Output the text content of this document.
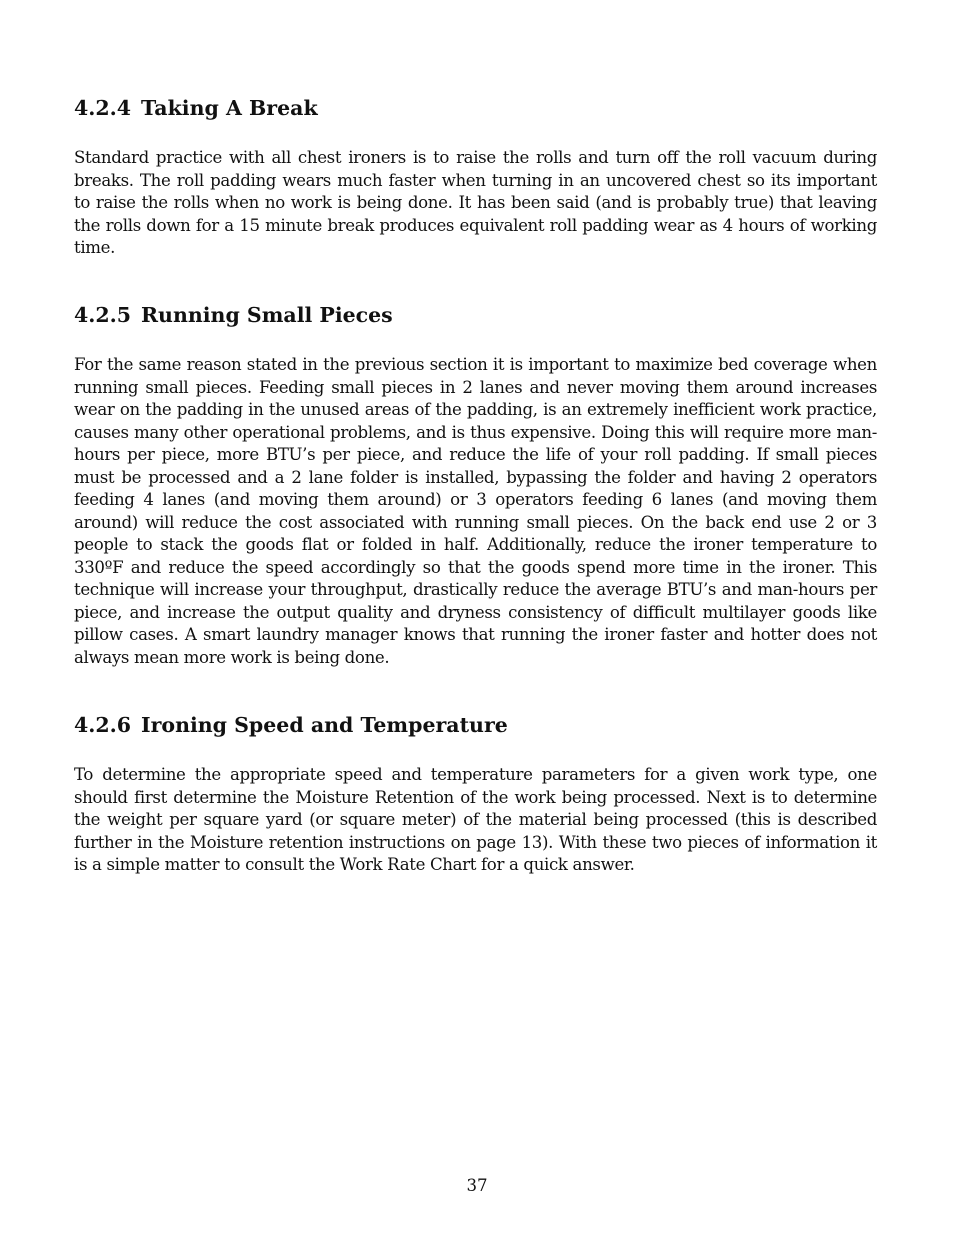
4.2.4 Taking A Break

Standard practice with all chest ironers is to raise the rolls and turn off the roll vacuum during breaks. The roll padding wears much faster when turning in an uncovered chest so its important to raise the rolls when no work is being done. It has been said (and is probably true) that leaving the rolls down for a 15 minute break produces equivalent roll padding wear as 4 hours of working time.

4.2.5 Running Small Pieces

For the same reason stated in the previous section it is important to maximize bed coverage when running small pieces. Feeding small pieces in 2 lanes and never moving them around increases wear on the padding in the unused areas of the padding, is an extremely inefficient work practice, causes many other operational problems, and is thus expensive. Doing this will require more man-hours per piece, more BTU’s per piece, and reduce the life of your roll padding. If small pieces must be processed and a 2 lane folder is installed, bypassing the folder and having 2 operators feeding 4 lanes (and moving them around) or 3 operators feeding 6 lanes (and moving them around) will reduce the cost associated with running small pieces. On the back end use 2 or 3 people to stack the goods flat or folded in half. Additionally, reduce the ironer temperature to 330ºF and reduce the speed accordingly so that the goods spend more time in the ironer. This technique will increase your throughput, drastically reduce the average BTU’s and man-hours per piece, and increase the output quality and dryness consistency of difficult multilayer goods like pillow cases. A smart laundry manager knows that running the ironer faster and hotter does not always mean more work is being done.

4.2.6 Ironing Speed and Temperature

To determine the appropriate speed and temperature parameters for a given work type, one should first determine the Moisture Retention of the work being processed. Next is to determine the weight per square yard (or square meter) of the material being processed (this is described further in the Moisture retention instructions on page 13). With these two pieces of information it is a simple matter to consult the Work Rate Chart for a quick answer.

37
